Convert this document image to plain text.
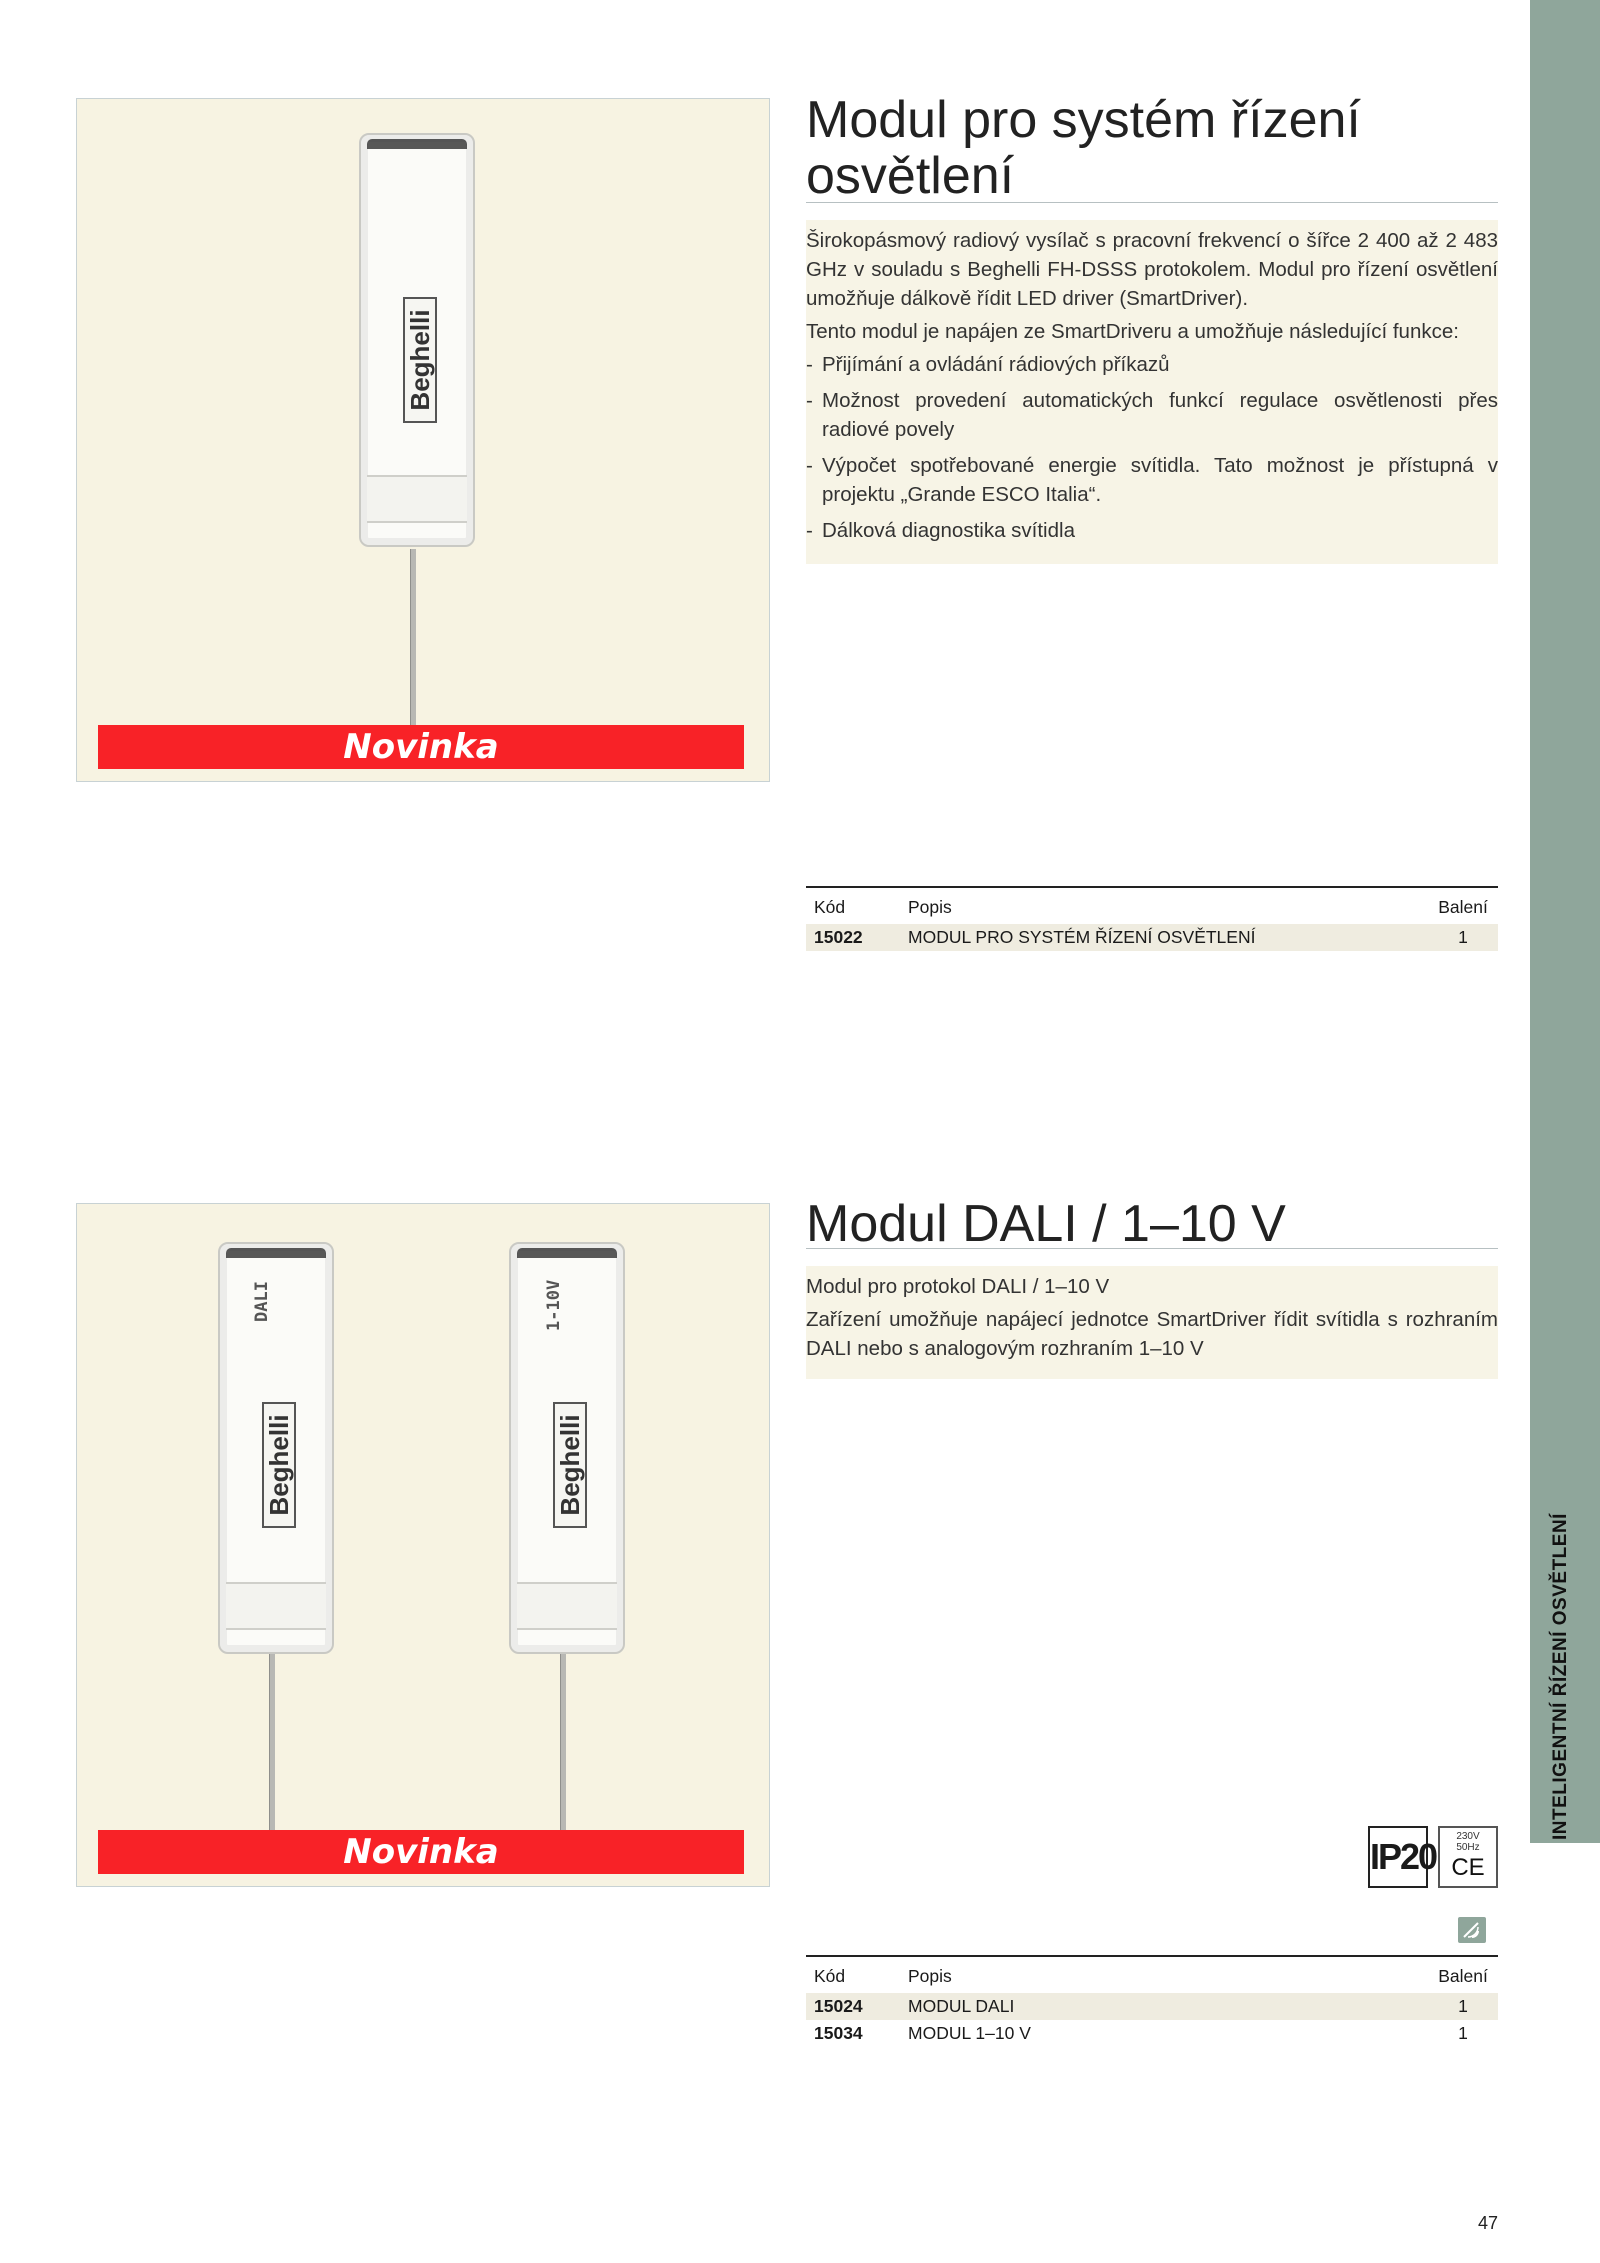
INTELIGENTNÍ ŘÍZENÍ OSVĚTLENÍ
Beghelli
Novinka
Modul pro systém řízení osvětlení

Širokopásmový radiový vysílač s pracovní frekvencí o šířce 2 400 až 2 483 GHz v souladu s Beghelli FH-DSSS protokolem. Modul pro řízení osvětlení umožňuje dálkově řídit LED driver (SmartDriver).

Tento modul je napájen ze SmartDriveru a umožňuje následující funkce:

- Přijímání a ovládání rádiových příkazů
- Možnost provedení automatických funkcí regulace osvětlenosti přes radiové povely
- Výpočet spotřebované energie svítidla. Tato možnost je přístupná v projektu „Grande ESCO Italia“.
- Dálková diagnostika svítidla
Kód	Popis	Balení
15022	MODUL PRO SYSTÉM ŘÍZENÍ OSVĚTLENÍ	1
DALI
Beghelli
1-10V
Beghelli
Novinka
Modul DALI / 1–10 V

Modul pro protokol DALI / 1–10 V

Zařízení umožňuje napájecí jednotce SmartDriver řídit svítidla s rozhraním DALI nebo s analogovým rozhraním 1–10 V

IP20	230V
50Hz
CE
Kód	Popis	Balení
15024	MODUL DALI	1
15034	MODUL 1–10 V	1
47
